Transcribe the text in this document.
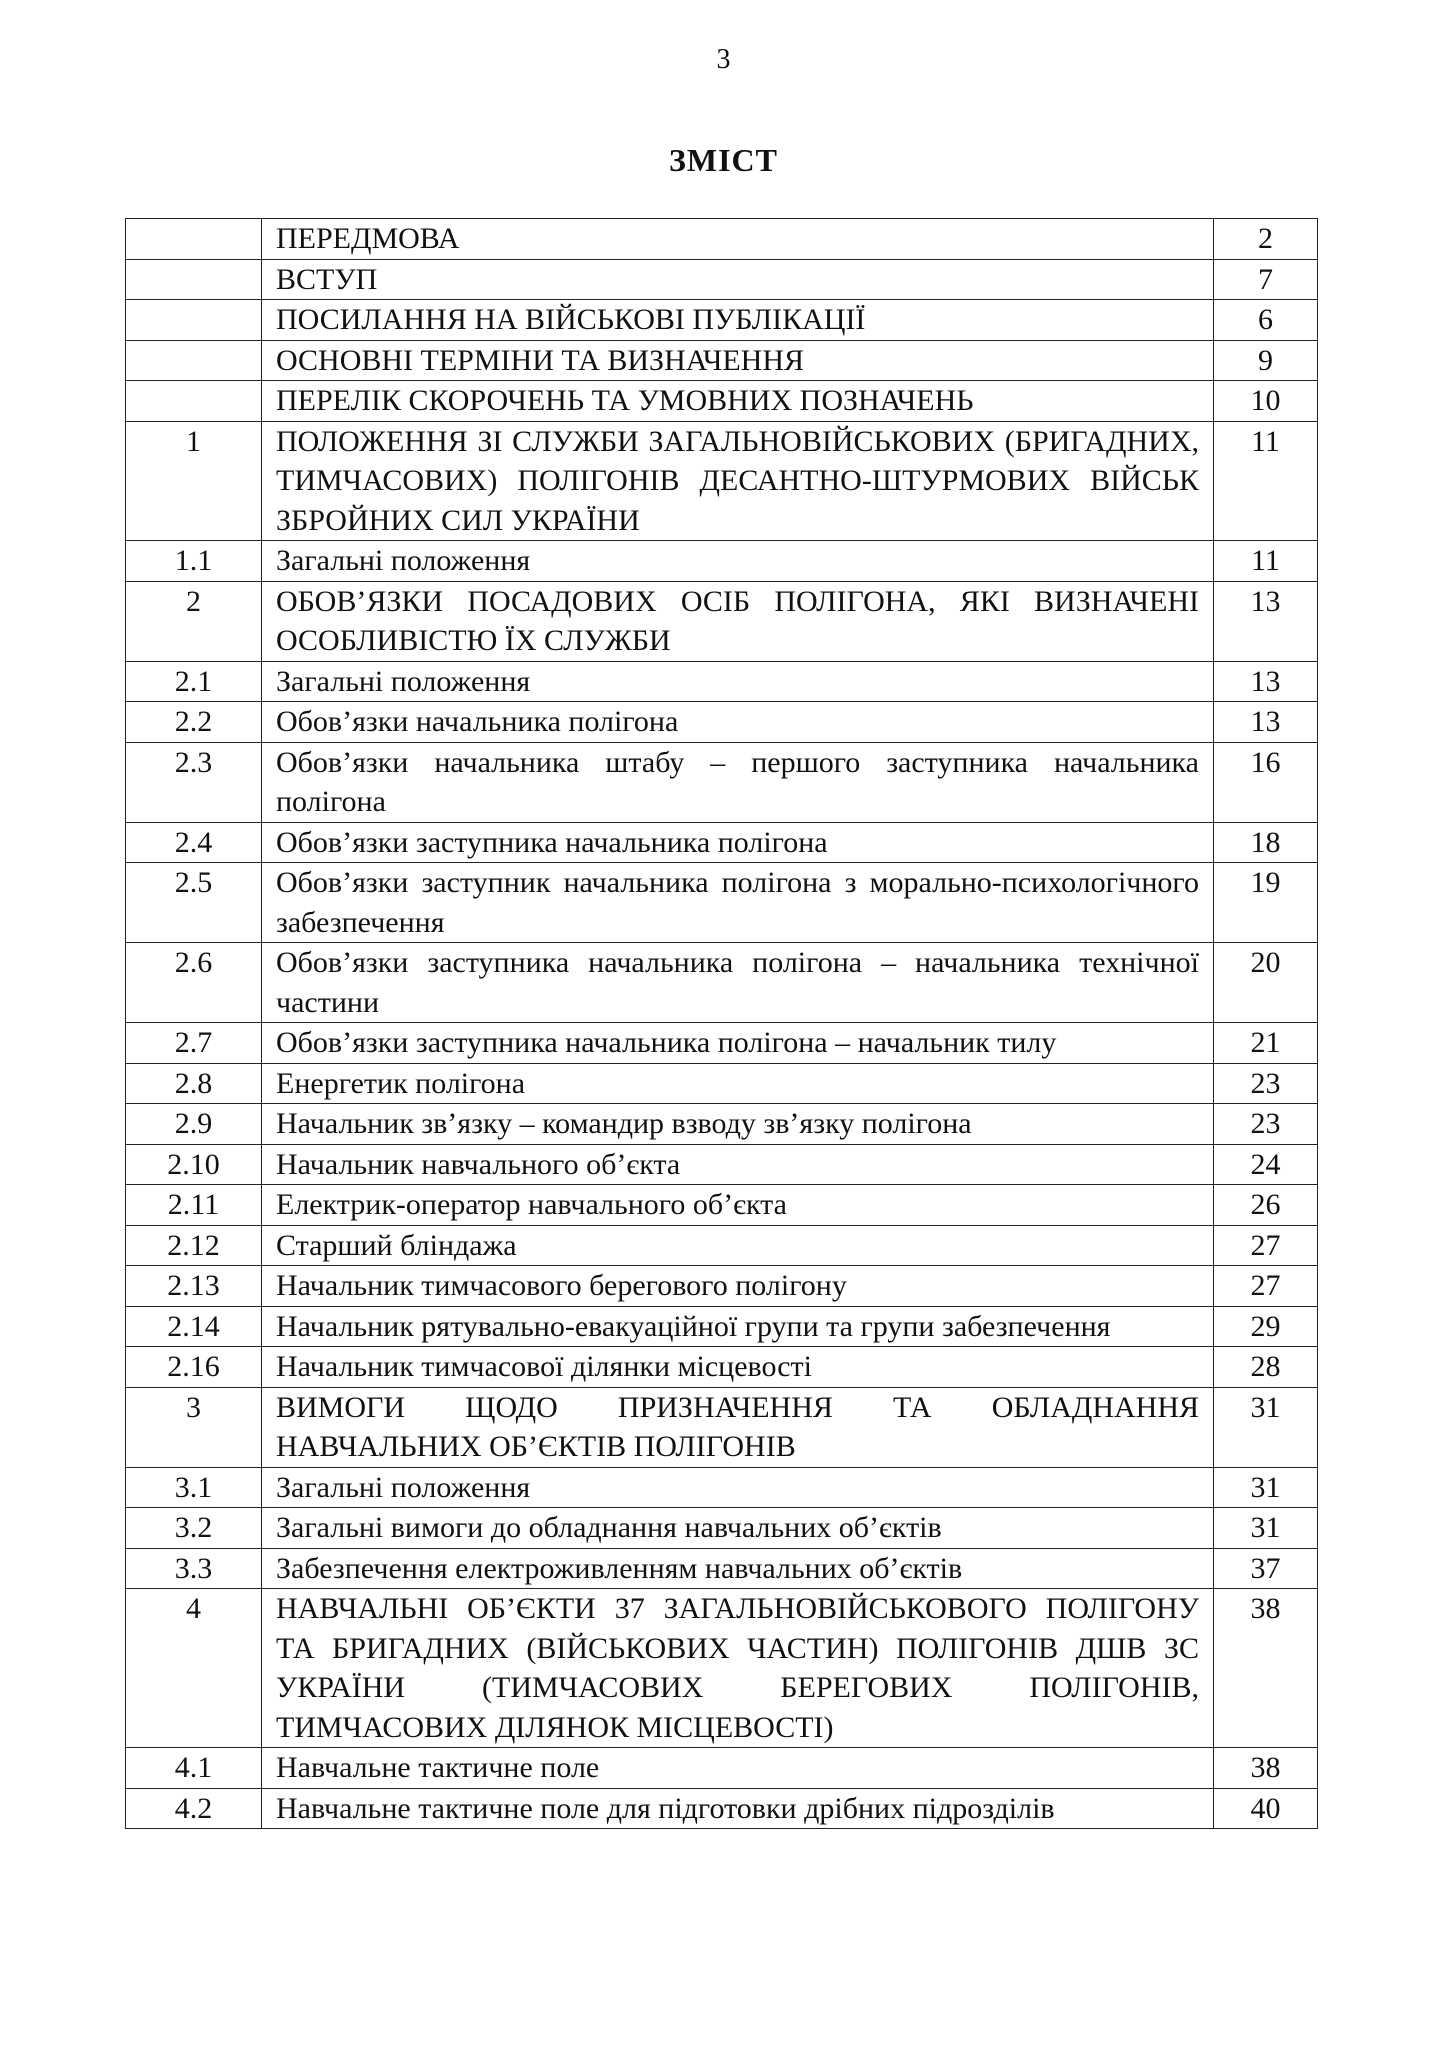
3
ЗМІСТ
	ПЕРЕДМОВА	2
	ВСТУП	7
	ПОСИЛАННЯ НА ВІЙСЬКОВІ ПУБЛІКАЦІЇ	6
	ОСНОВНІ ТЕРМІНИ ТА ВИЗНАЧЕННЯ	9
	ПЕРЕЛІК СКОРОЧЕНЬ ТА УМОВНИХ ПОЗНАЧЕНЬ	10
1	ПОЛОЖЕННЯ ЗІ СЛУЖБИ ЗАГАЛЬНОВІЙСЬКОВИХ (БРИГАДНИХ, ТИМЧАСОВИХ) ПОЛІГОНІВ ДЕСАНТНО-ШТУРМОВИХ ВІЙСЬК ЗБРОЙНИХ СИЛ УКРАЇНИ	11
1.1	Загальні положення	11
2	ОБОВ’ЯЗКИ ПОСАДОВИХ ОСІБ ПОЛІГОНА, ЯКІ ВИЗНАЧЕНІ ОСОБЛИВІСТЮ ЇХ СЛУЖБИ	13
2.1	Загальні положення	13
2.2	Обов’язки начальника полігона	13
2.3	Обов’язки начальника штабу – першого заступника начальника полігона	16
2.4	Обов’язки заступника начальника полігона	18
2.5	Обов’язки заступник начальника полігона з морально-психологічного забезпечення	19
2.6	Обов’язки заступника начальника полігона – начальника технічної частини	20
2.7	Обов’язки заступника начальника полігона – начальник тилу	21
2.8	Енергетик полігона	23
2.9	Начальник зв’язку – командир взводу зв’язку полігона	23
2.10	Начальник навчального об’єкта	24
2.11	Електрик-оператор навчального об’єкта	26
2.12	Старший бліндажа	27
2.13	Начальник тимчасового берегового полігону	27
2.14	Начальник рятувально-евакуаційної групи та групи забезпечення	29
2.16	Начальник тимчасової ділянки місцевості	28
3	ВИМОГИ ЩОДО ПРИЗНАЧЕННЯ ТА ОБЛАДНАННЯ НАВЧАЛЬНИХ ОБ’ЄКТІВ ПОЛІГОНІВ	31
3.1	Загальні положення	31
3.2	Загальні вимоги до обладнання навчальних об’єктів	31
3.3	Забезпечення електроживленням навчальних об’єктів	37
4	НАВЧАЛЬНІ ОБ’ЄКТИ 37 ЗАГАЛЬНОВІЙСЬКОВОГО ПОЛІГОНУ ТА БРИГАДНИХ (ВІЙСЬКОВИХ ЧАСТИН) ПОЛІГОНІВ ДШВ ЗС УКРАЇНИ (ТИМЧАСОВИХ БЕРЕГОВИХ ПОЛІГОНІВ, ТИМЧАСОВИХ ДІЛЯНОК МІСЦЕВОСТІ)	38
4.1	Навчальне тактичне поле	38
4.2	Навчальне тактичне поле для підготовки дрібних підрозділів	40
